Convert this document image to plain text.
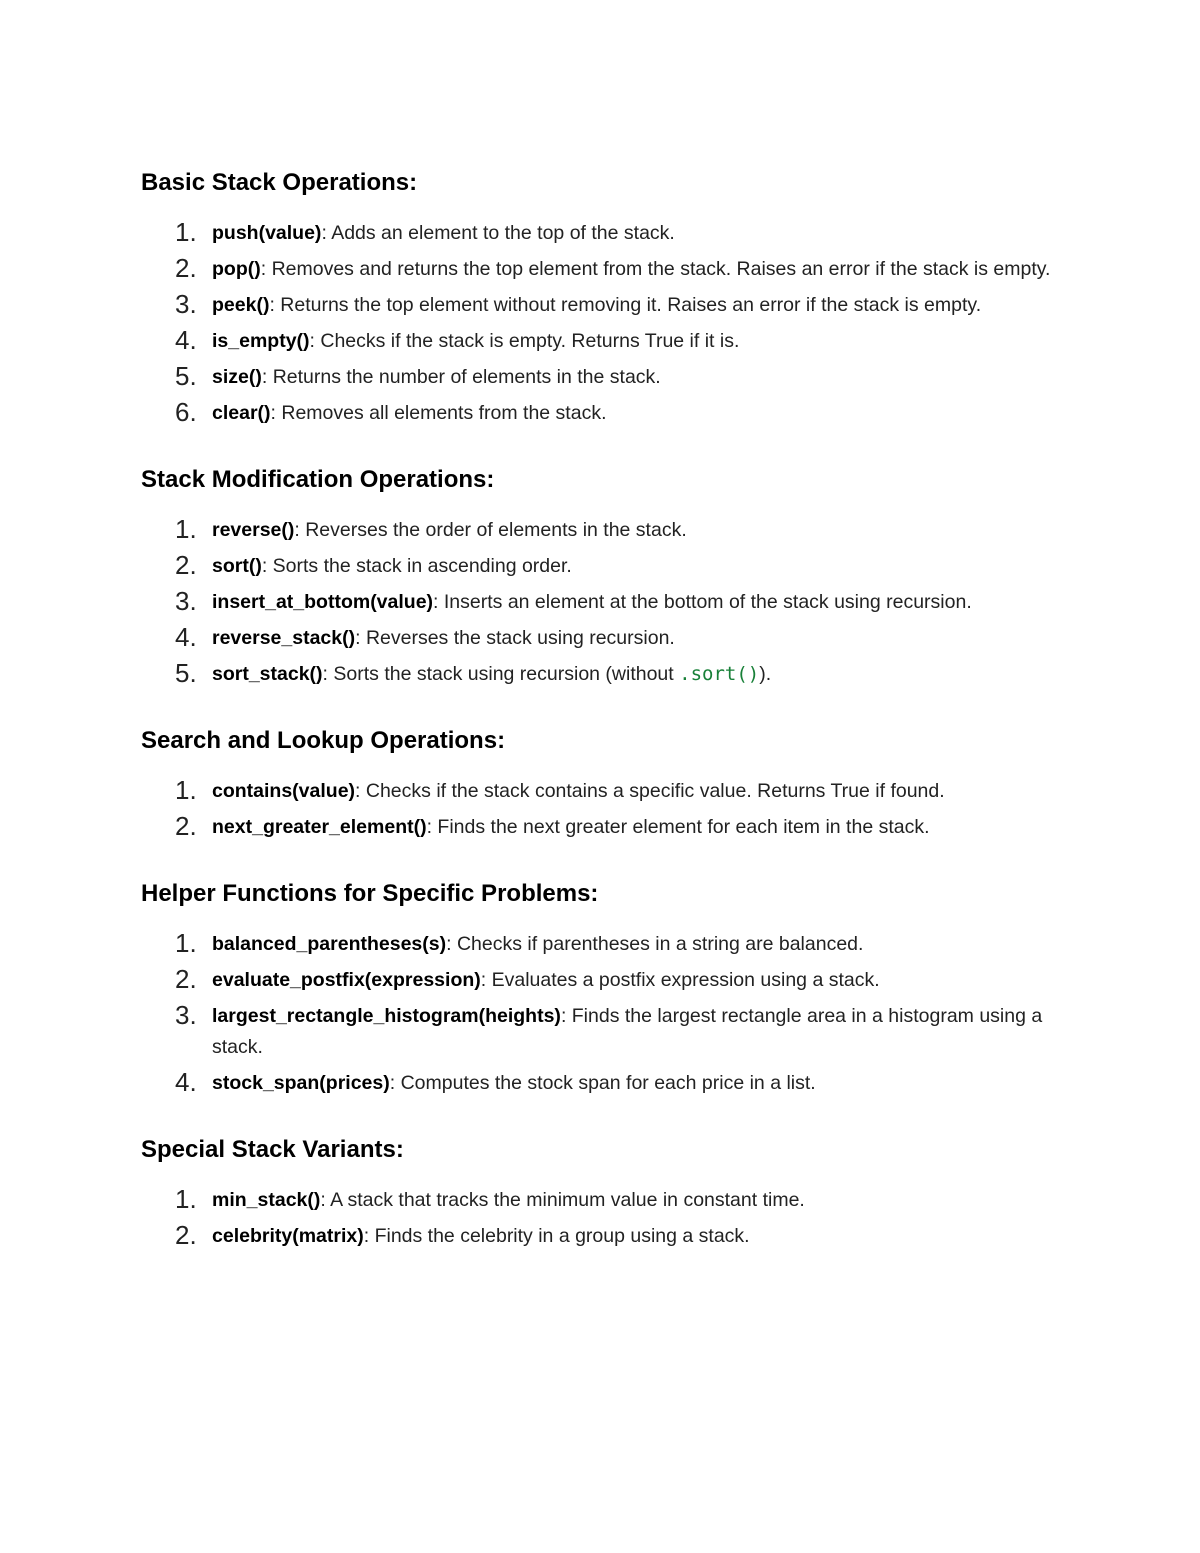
Basic Stack Operations:
1. push(value): Adds an element to the top of the stack.
2. pop(): Removes and returns the top element from the stack. Raises an error if the stack is empty.
3. peek(): Returns the top element without removing it. Raises an error if the stack is empty.
4. is_empty(): Checks if the stack is empty. Returns True if it is.
5. size(): Returns the number of elements in the stack.
6. clear(): Removes all elements from the stack.
Stack Modification Operations:
1. reverse(): Reverses the order of elements in the stack.
2. sort(): Sorts the stack in ascending order.
3. insert_at_bottom(value): Inserts an element at the bottom of the stack using recursion.
4. reverse_stack(): Reverses the stack using recursion.
5. sort_stack(): Sorts the stack using recursion (without .sort()).
Search and Lookup Operations:
1. contains(value): Checks if the stack contains a specific value. Returns True if found.
2. next_greater_element(): Finds the next greater element for each item in the stack.
Helper Functions for Specific Problems:
1. balanced_parentheses(s): Checks if parentheses in a string are balanced.
2. evaluate_postfix(expression): Evaluates a postfix expression using a stack.
3. largest_rectangle_histogram(heights): Finds the largest rectangle area in a histogram using a stack.
4. stock_span(prices): Computes the stock span for each price in a list.
Special Stack Variants:
1. min_stack(): A stack that tracks the minimum value in constant time.
2. celebrity(matrix): Finds the celebrity in a group using a stack.
